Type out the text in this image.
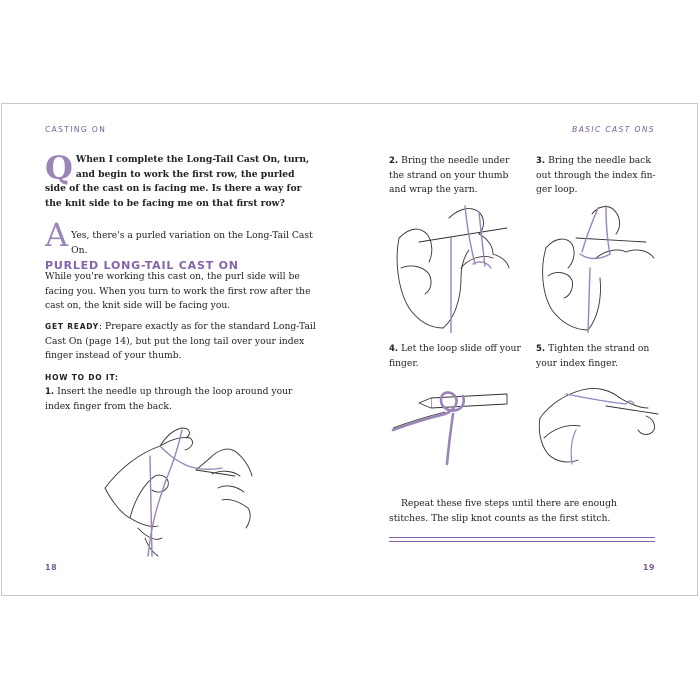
CASTING ON	BASIC CAST ONS
Q When I complete the Long-Tail Cast On, turn, and begin to work the first row, the purled side of the cast on is facing me. Is there a way for the knit side to be facing me on that first row?
A Yes, there's a purled variation on the Long-Tail Cast On.
PURLED LONG-TAIL CAST ON
While you're working this cast on, the purl side will be facing you. When you turn to work the first row after the cast on, the knit side will be facing you.
GET READY: Prepare exactly as for the standard Long-Tail Cast On (page 14), but put the long tail over your index finger instead of your thumb.
HOW TO DO IT:
1. Insert the needle up through the loop around your index finger from the back.
2. Bring the needle under the strand on your thumb and wrap the yarn.
3. Bring the needle back out through the index fin-ger loop.
4. Let the loop slide off your finger.
5. Tighten the strand on your index finger.
Repeat these five steps until there are enough stitches. The slip knot counts as the first stitch.
18	19
